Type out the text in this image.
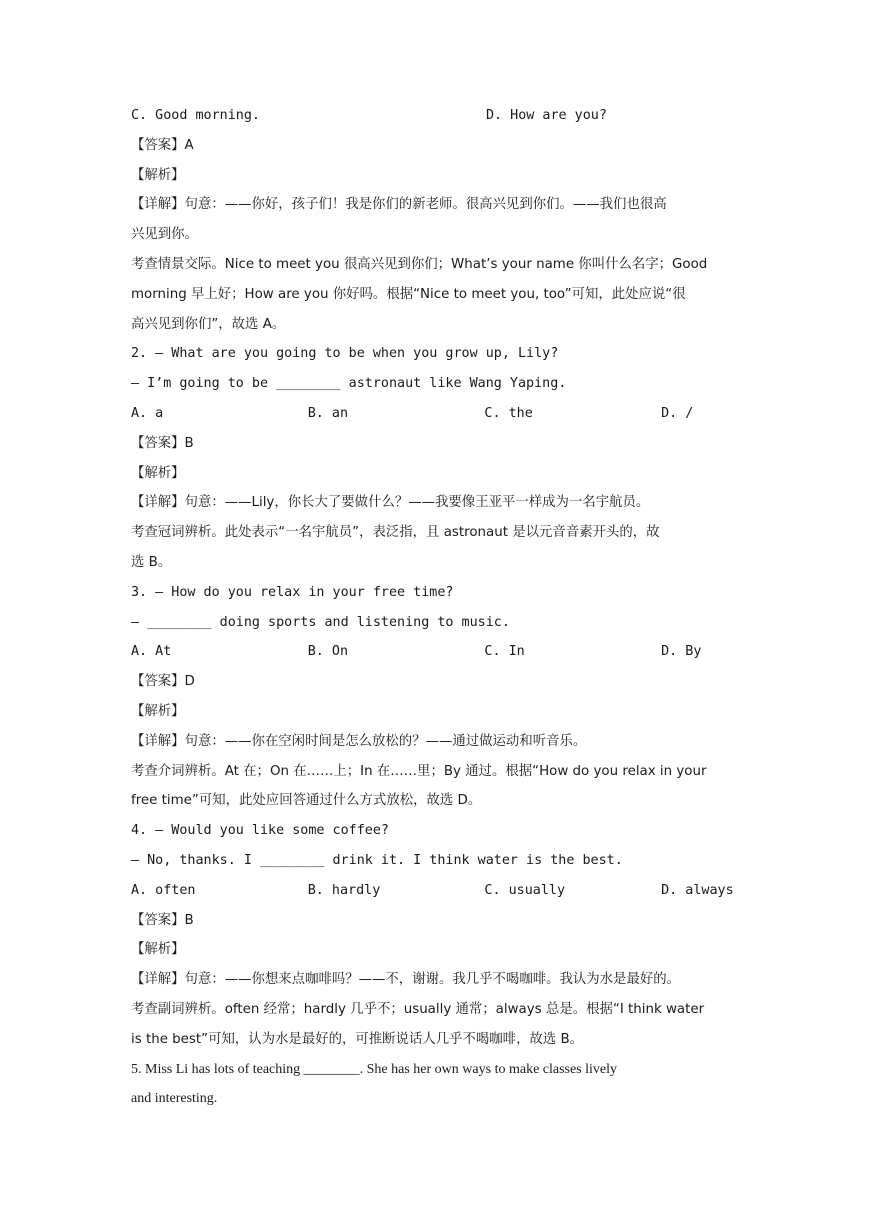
C. Good morning.	D. How are you?
【答案】A
【解析】
【详解】句意：——你好，孩子们！我是你们的新老师。很高兴见到你们。——我们也很高
兴见到你。
考查情景交际。Nice to meet you 很高兴见到你们；What’s your name 你叫什么名字；Good
morning 早上好；How are you 你好吗。根据“Nice to meet you, too”可知，此处应说“很
高兴见到你们”，故选 A。
2. — What are you going to be when you grow up, Lily?
— I’m going to be ________ astronaut like Wang Yaping.
A. a	B. an	C. the	D. /
【答案】B
【解析】
【详解】句意：——Lily，你长大了要做什么？——我要像王亚平一样成为一名宇航员。
考查冠词辨析。此处表示“一名宇航员”，表泛指，且 astronaut 是以元音音素开头的，故
选 B。
3. — How do you relax in your free time?
— ________ doing sports and listening to music.
A. At	B. On	C. In	D. By
【答案】D
【解析】
【详解】句意：——你在空闲时间是怎么放松的？——通过做运动和听音乐。
考查介词辨析。At 在；On 在……上；In 在……里；By 通过。根据“How do you relax in your
free time”可知，此处应回答通过什么方式放松，故选 D。
4. — Would you like some coffee?
— No, thanks. I ________ drink it. I think water is the best.
A. often	B. hardly	C. usually	D. always
【答案】B
【解析】
【详解】句意：——你想来点咖啡吗？——不，谢谢。我几乎不喝咖啡。我认为水是最好的。
考查副词辨析。often 经常；hardly 几乎不；usually 通常；always 总是。根据“I think water
is the best”可知，认为水是最好的，可推断说话人几乎不喝咖啡，故选 B。
5. Miss Li has lots of teaching ________. She has her own ways to make classes lively
and interesting.
